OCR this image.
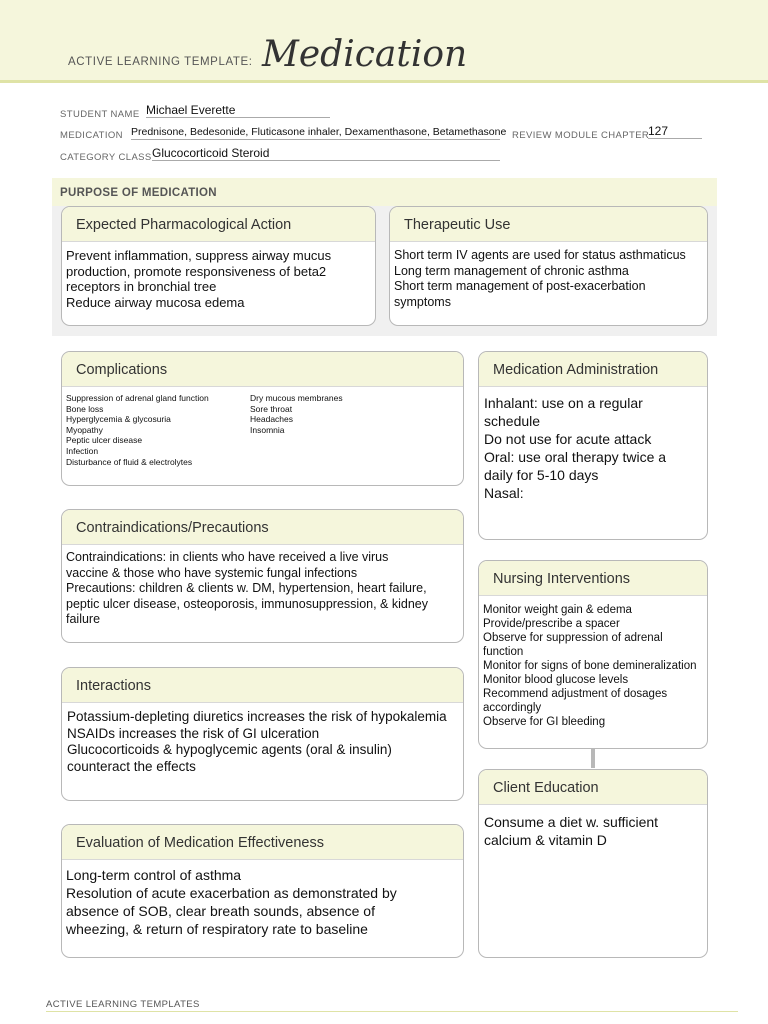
ACTIVE LEARNING TEMPLATE: Medication
STUDENT NAME Michael Everette
MEDICATION Prednisone, Bedesonide, Fluticasone inhaler, Dexamenthasone, Betamethasone REVIEW MODULE CHAPTER
127
CATEGORY CLASS Glucocorticoid Steroid
PURPOSE OF MEDICATION
Expected Pharmacological Action
Prevent inflammation, suppress airway mucus
production, promote responsiveness of beta2
receptors in bronchial tree
Reduce airway mucosa edema
Therapeutic Use
Short term IV agents are used for status asthmaticus
Long term management of chronic asthma
Short term management of post-exacerbation
symptoms
Complications
Suppression of adrenal gland function
Bone loss
Hyperglycemia & glycosuria
Myopathy
Peptic ulcer disease
Infection
Disturbance of fluid & electrolytes
Dry mucous membranes
Sore throat
Headaches
Insomnia
Medication Administration
Inhalant: use on a regular
schedule
Do not use for acute attack
Oral: use oral therapy twice a
daily for 5-10 days
Nasal:
Contraindications/Precautions
Contraindications: in clients who have received a live virus
vaccine & those who have systemic fungal infections
Precautions: children & clients w. DM, hypertension, heart failure,
peptic ulcer disease, osteoporosis, immunosuppression, & kidney
failure
Nursing Interventions
Monitor weight gain & edema
Provide/prescribe a spacer
Observe for suppression of adrenal
function
Monitor for signs of bone demineralization
Monitor blood glucose levels
Recommend adjustment of dosages
accordingly
Observe for GI bleeding
Interactions
Potassium-depleting diuretics increases the risk of hypokalemia
NSAIDs increases the risk of GI ulceration
Glucocorticoids & hypoglycemic agents (oral & insulin)
counteract the effects
Client Education
Consume a diet w. sufficient
calcium & vitamin D
Evaluation of Medication Effectiveness
Long-term control of asthma
Resolution of acute exacerbation as demonstrated by
absence of SOB, clear breath sounds, absence of
wheezing, & return of respiratory rate to baseline
ACTIVE LEARNING TEMPLATES
